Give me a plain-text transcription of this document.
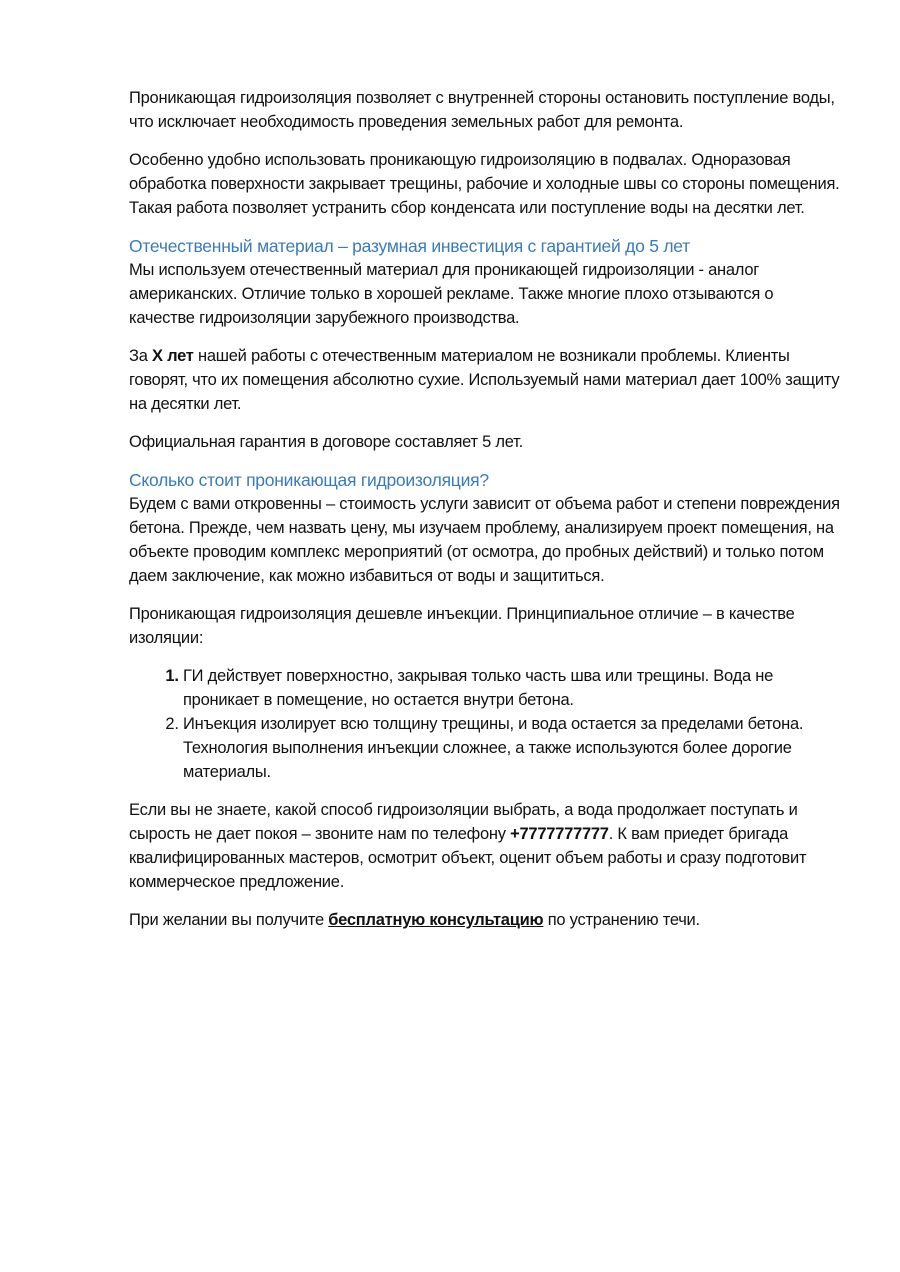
Проникающая гидроизоляция позволяет с внутренней стороны остановить поступление воды, что исключает необходимость проведения земельных работ для ремонта.

Особенно удобно использовать проникающую гидроизоляцию в подвалах. Одноразовая обработка поверхности закрывает трещины, рабочие и холодные швы со стороны помещения. Такая работа позволяет устранить сбор конденсата или поступление воды на десятки лет.

Отечественный материал – разумная инвестиция с гарантией до 5 лет

Мы используем отечественный материал для проникающей гидроизоляции - аналог американских. Отличие только в хорошей рекламе. Также многие плохо отзываются о качестве гидроизоляции зарубежного производства.

За Х лет нашей работы с отечественным материалом не возникали проблемы. Клиенты говорят, что их помещения абсолютно сухие. Используемый нами материал дает 100% защиту на десятки лет.

Официальная гарантия в договоре составляет 5 лет.

Сколько стоит проникающая гидроизоляция?

Будем с вами откровенны – стоимость услуги зависит от объема работ и степени повреждения бетона. Прежде, чем назвать цену, мы изучаем проблему, анализируем проект помещения, на объекте проводим комплекс мероприятий (от осмотра, до пробных действий) и только потом даем заключение, как можно избавиться от воды и защититься.

Проникающая гидроизоляция дешевле инъекции. Принципиальное отличие – в качестве изоляции:

1. ГИ действует поверхностно, закрывая только часть шва или трещины. Вода не проникает в помещение, но остается внутри бетона.
2. Инъекция изолирует всю толщину трещины, и вода остается за пределами бетона. Технология выполнения инъекции сложнее, а также используются более дорогие материалы.

Если вы не знаете, какой способ гидроизоляции выбрать, а вода продолжает поступать и сырость не дает покоя – звоните нам по телефону +7777777777. К вам приедет бригада квалифицированных мастеров, осмотрит объект, оценит объем работы и сразу подготовит коммерческое предложение.

При желании вы получите бесплатную консультацию по устранению течи.
